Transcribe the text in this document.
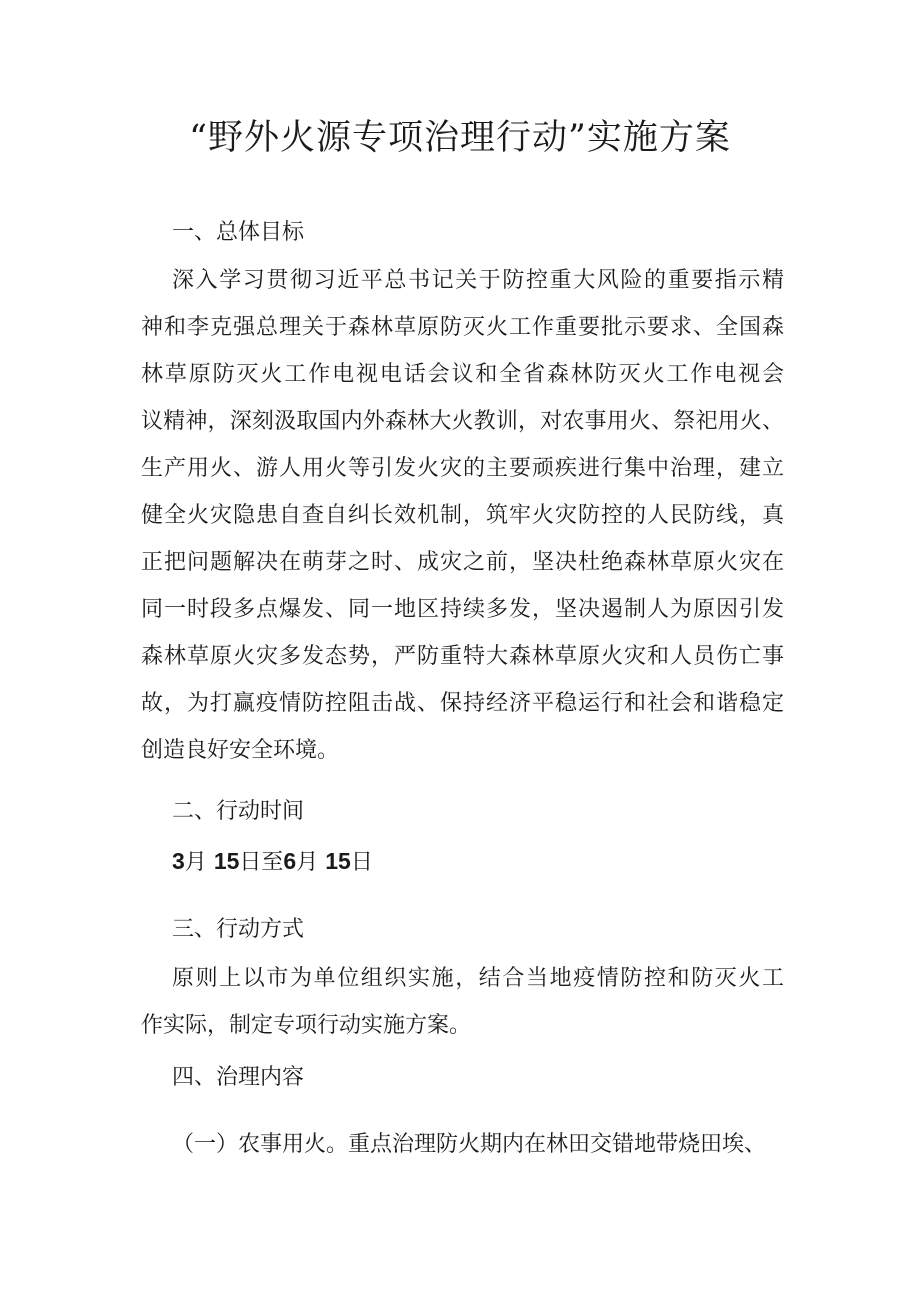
“野外火源专项治理行动”实施方案
一、总体目标
深入学习贯彻习近平总书记关于防控重大风险的重要指示精
神和李克强总理关于森林草原防灭火工作重要批示要求、全国森
林草原防灭火工作电视电话会议和全省森林防灭火工作电视会
议精神，深刻汲取国内外森林大火教训，对农事用火、祭祀用火、
生产用火、游人用火等引发火灾的主要顽疾进行集中治理，建立
健全火灾隐患自查自纠长效机制，筑牢火灾防控的人民防线，真
正把问题解决在萌芽之时、成灾之前，坚决杜绝森林草原火灾在
同一时段多点爆发、同一地区持续多发，坚决遏制人为原因引发
森林草原火灾多发态势，严防重特大森林草原火灾和人员伤亡事
故，为打赢疫情防控阻击战、保持经济平稳运行和社会和谐稳定
创造良好安全环境。
二、行动时间
3月 15日至6月 15日
三、行动方式
原则上以市为单位组织实施，结合当地疫情防控和防灭火工
作实际，制定专项行动实施方案。
四、治理内容
（一）农事用火。重点治理防火期内在林田交错地带烧田埃、
